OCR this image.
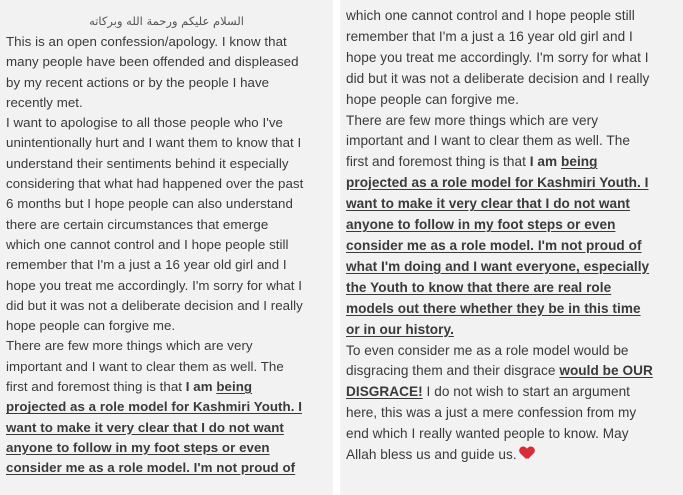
السلام عليكم ورحمة الله وبركاته

This is an open confession/apology. I know that
many people have been offended and displeased
by my recent actions or by the people I have
recently met.

I want to apologise to all those people who I've
unintentionally hurt and I want them to know that I
understand their sentiments behind it especially
considering that what had happened over the past
6 months but I hope people can also understand
there are certain circumstances that emerge
which one cannot control and I hope people still
remember that I'm a just a 16 year old girl and I
hope you treat me accordingly. I'm sorry for what I
did but it was not a deliberate decision and I really
hope people can forgive me.

There are few more things which are very
important and I want to clear them as well. The
first and foremost thing is that I am being
projected as a role model for Kashmiri Youth. I
want to make it very clear that I do not want
anyone to follow in my foot steps or even
consider me as a role model. I'm not proud of

which one cannot control and I hope people still
remember that I'm a just a 16 year old girl and I
hope you treat me accordingly. I'm sorry for what I
did but it was not a deliberate decision and I really
hope people can forgive me.

There are few more things which are very
important and I want to clear them as well. The
first and foremost thing is that I am being
projected as a role model for Kashmiri Youth. I
want to make it very clear that I do not want
anyone to follow in my foot steps or even
consider me as a role model. I'm not proud of
what I'm doing and I want everyone, especially
the Youth to know that there are real role
models out there whether they be in this time
or in our history.

To even consider me as a role model would be
disgracing them and their disgrace would be OUR
DISGRACE! I do not wish to start an argument
here, this was a just a mere confession from my
end which I really wanted people to know. May
Allah bless us and guide us.
